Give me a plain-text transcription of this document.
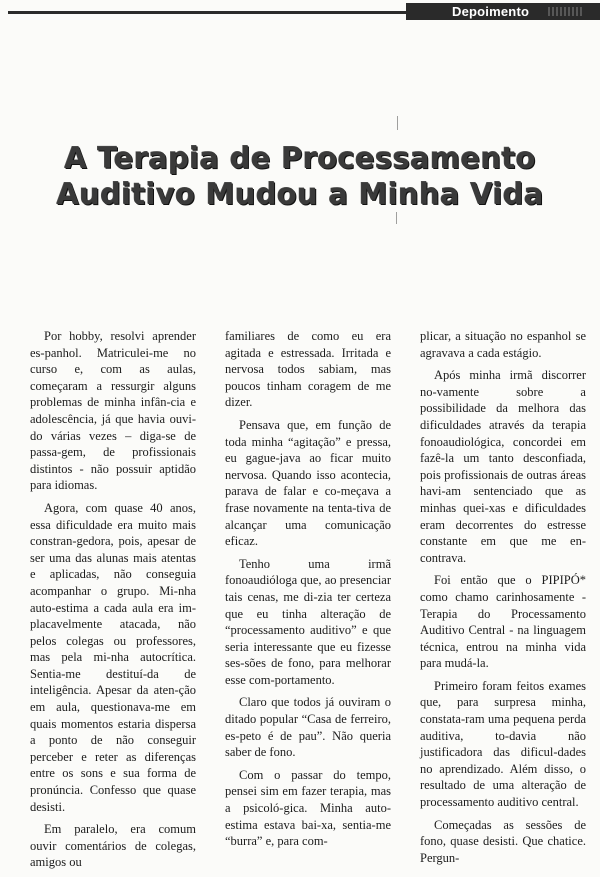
Depoimento
A Terapia de Processamento
Auditivo Mudou a Minha Vida

Por hobby, resolvi aprender es-panhol. Matriculei-me no curso e, com as aulas, começaram a ressurgir alguns problemas de minha infân-cia e adolescência, já que havia ouvi-do várias vezes – diga-se de passa-gem, de profissionais distintos - não possuir aptidão para idiomas.

Agora, com quase 40 anos, essa dificuldade era muito mais constran-gedora, pois, apesar de ser uma das alunas mais atentas e aplicadas, não conseguia acompanhar o grupo. Mi-nha auto-estima a cada aula era im-placavelmente atacada, não pelos colegas ou professores, mas pela mi-nha autocrítica. Sentia-me destituí-da de inteligência. Apesar da aten-ção em aula, questionava-me em quais momentos estaria dispersa a ponto de não conseguir perceber e reter as diferenças entre os sons e sua forma de pronúncia. Confesso que quase desisti.

Em paralelo, era comum ouvir comentários de colegas, amigos ou

familiares de como eu era agitada e estressada. Irritada e nervosa todos sabiam, mas poucos tinham coragem de me dizer.

Pensava que, em função de toda minha “agitação” e pressa, eu gague-java ao ficar muito nervosa. Quando isso acontecia, parava de falar e co-meçava a frase novamente na tenta-tiva de alcançar uma comunicação eficaz.

Tenho uma irmã fonoaudióloga que, ao presenciar tais cenas, me di-zia ter certeza que eu tinha alteração de “processamento auditivo” e que seria interessante que eu fizesse ses-sões de fono, para melhorar esse com-portamento.

Claro que todos já ouviram o ditado popular “Casa de ferreiro, es-peto é de pau”. Não queria saber de fono.

Com o passar do tempo, pensei sim em fazer terapia, mas a psicoló-gica. Minha auto-estima estava bai-xa, sentia-me “burra” e, para com-

plicar, a situação no espanhol se agravava a cada estágio.

Após minha irmã discorrer no-vamente sobre a possibilidade da melhora das dificuldades através da terapia fonoaudiológica, concordei em fazê-la um tanto desconfiada, pois profissionais de outras áreas havi-am sentenciado que as minhas quei-xas e dificuldades eram decorrentes do estresse constante em que me en-contrava.

Foi então que o PIPIPÓ* como chamo carinhosamente - Terapia do Processamento Auditivo Central - na linguagem técnica, entrou na minha vida para mudá-la.

Primeiro foram feitos exames que, para surpresa minha, constata-ram uma pequena perda auditiva, to-davia não justificadora das dificul-dades no aprendizado. Além disso, o resultado de uma alteração de processamento auditivo central.

Começadas as sessões de fono, quase desisti. Que chatice. Pergun-
